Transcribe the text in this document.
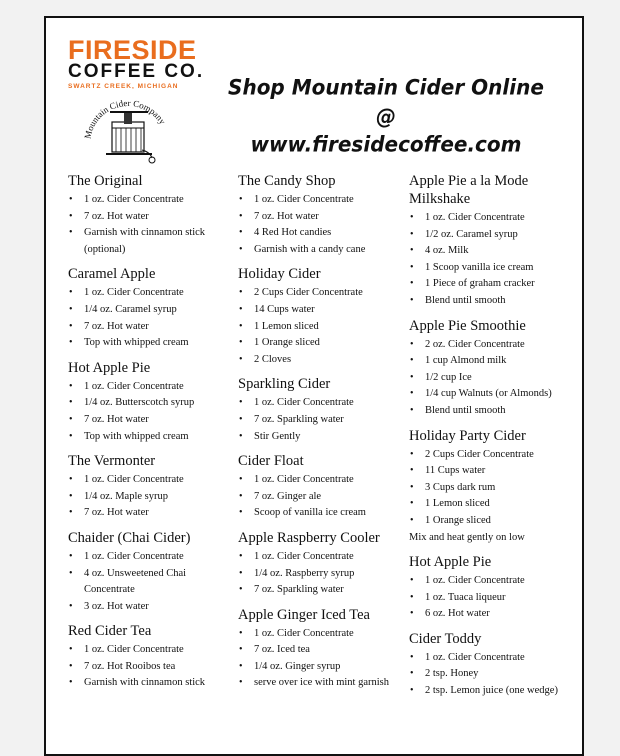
FIRESIDE
COFFEE CO.
SWARTZ CREEK, MICHIGAN
Mountain Cider Company
Shop Mountain Cider Online @
www.firesidecoffee.com
The Original
• 1 oz. Cider Concentrate
• 7 oz. Hot water
• Garnish with cinnamon stick (optional)
Caramel Apple
• 1 oz. Cider Concentrate
• 1/4 oz. Caramel syrup
• 7 oz. Hot water
• Top with whipped cream
Hot Apple Pie
• 1 oz. Cider Concentrate
• 1/4 oz. Butterscotch syrup
• 7 oz. Hot water
• Top with whipped cream
The Vermonter
• 1 oz. Cider Concentrate
• 1/4 oz. Maple syrup
• 7 oz. Hot water
Chaider (Chai Cider)
• 1 oz. Cider Concentrate
• 4 oz. Unsweetened Chai Concentrate
• 3 oz. Hot water
Red Cider Tea
• 1 oz. Cider Concentrate
• 7 oz. Hot Rooibos tea
• Garnish with cinnamon stick
The Candy Shop
• 1 oz. Cider Concentrate
• 7 oz. Hot water
• 4 Red Hot candies
• Garnish with a candy cane
Holiday Cider
• 2 Cups Cider Concentrate
• 14 Cups water
• 1 Lemon sliced
• 1 Orange sliced
• 2 Cloves
Sparkling Cider
• 1 oz. Cider Concentrate
• 7 oz. Sparkling water
• Stir Gently
Cider Float
• 1 oz. Cider Concentrate
• 7 oz. Ginger ale
• Scoop of vanilla ice cream
Apple Raspberry Cooler
• 1 oz. Cider Concentrate
• 1/4 oz. Raspberry syrup
• 7 oz. Sparkling water
Apple Ginger Iced Tea
• 1 oz. Cider Concentrate
• 7 oz. Iced tea
• 1/4 oz. Ginger syrup
• serve over ice with mint garnish
Apple Pie a la Mode Milkshake
• 1 oz. Cider Concentrate
• 1/2 oz. Caramel syrup
• 4 oz. Milk
• 1 Scoop vanilla ice cream
• 1 Piece of graham cracker
• Blend until smooth
Apple Pie Smoothie
• 2 oz. Cider Concentrate
• 1 cup Almond milk
• 1/2 cup Ice
• 1/4 cup Walnuts (or Almonds)
• Blend until smooth
Holiday Party Cider
• 2 Cups Cider Concentrate
• 11 Cups water
• 3 Cups dark rum
• 1 Lemon sliced
• 1 Orange sliced
Mix and heat gently on low
Hot Apple Pie
• 1 oz. Cider Concentrate
• 1 oz. Tuaca liqueur
• 6 oz. Hot water
Cider Toddy
• 1 oz. Cider Concentrate
• 2 tsp. Honey
• 2 tsp. Lemon juice (one wedge)
